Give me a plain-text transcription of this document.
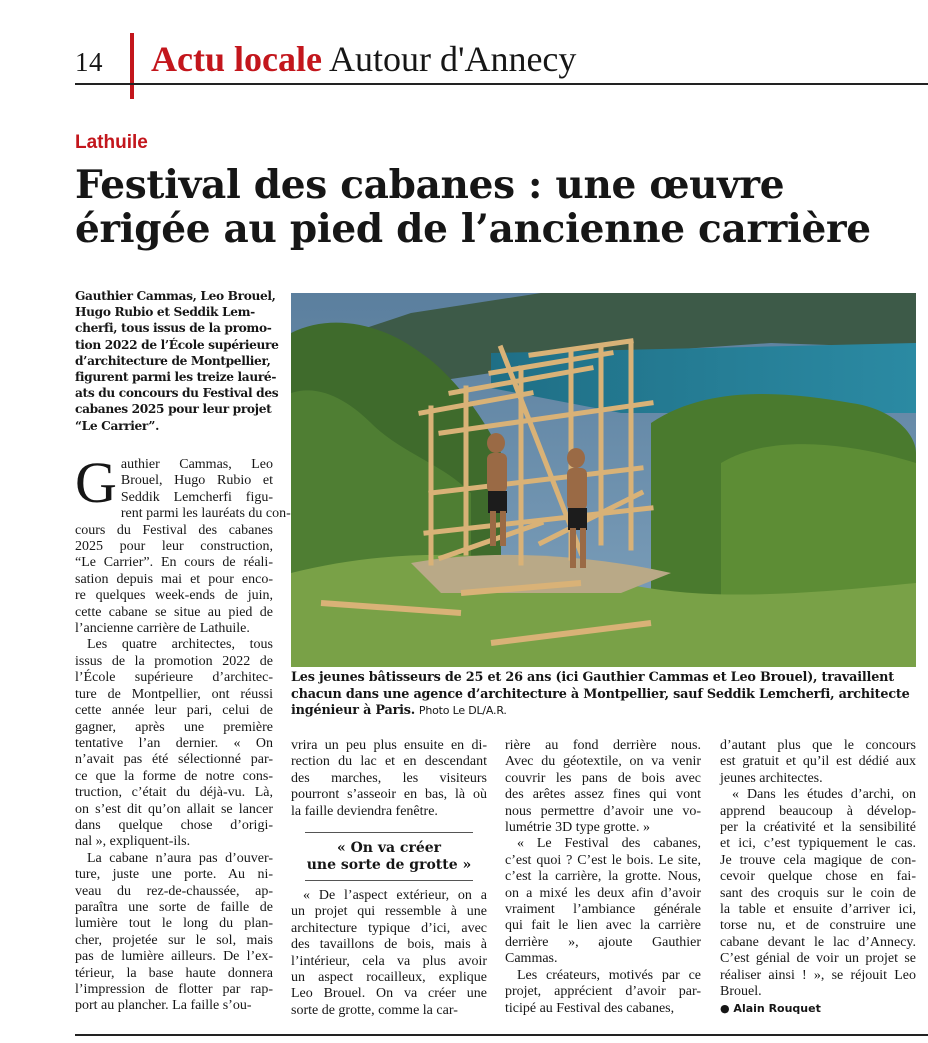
14 Actu locale Autour d'Annecy
Lathuile
Festival des cabanes : une œuvre
érigée au pied de l’ancienne carrière
Gauthier Cammas, Leo Brouel,
Hugo Rubio et Seddik Lem-
cherfi, tous issus de la promo-
tion 2022 de l’École supérieure
d’architecture de Montpellier,
figurent parmi les treize lauré-
ats du concours du Festival des
cabanes 2025 pour leur projet
“Le Carrier”.
G authier Cammas, Leo
Brouel, Hugo Rubio et
Seddik Lemcherfi figu-
rent parmi les lauréats du con-
cours du Festival des cabanes
2025 pour leur construction,
“Le Carrier”. En cours de réali-
sation depuis mai et pour enco-
re quelques week-ends de juin,
cette cabane se situe au pied de
l’ancienne carrière de Lathuile.
Les quatre architectes, tous
issus de la promotion 2022 de
l’École supérieure d’architec-
ture de Montpellier, ont réussi
cette année leur pari, celui de
gagner, après une première
tentative l’an dernier. « On
n’avait pas été sélectionné par-
ce que la forme de notre cons-
truction, c’était du déjà-vu. Là,
on s’est dit qu’on allait se lancer
dans quelque chose d’origi-
nal », expliquent-ils.
La cabane n’aura pas d’ouver-
ture, juste une porte. Au ni-
veau du rez-de-chaussée, ap-
paraîtra une sorte de faille de
lumière tout le long du plan-
cher, projetée sur le sol, mais
pas de lumière ailleurs. De l’ex-
térieur, la base haute donnera
l’impression de flotter par rap-
port au plancher. La faille s’ou-
Les jeunes bâtisseurs de 25 et 26 ans (ici Gauthier Cammas et Leo Brouel), travaillent
chacun dans une agence d’architecture à Montpellier, sauf Seddik Lemcherfi, architecte
ingénieur à Paris. Photo Le DL/A.R.
vrira un peu plus ensuite en di-
rection du lac et en descendant
des marches, les visiteurs
pourront s’asseoir en bas, là où
la faille deviendra fenêtre.
« On va créer
une sorte de grotte »
« De l’aspect extérieur, on a
un projet qui ressemble à une
architecture typique d’ici, avec
des tavaillons de bois, mais à
l’intérieur, cela va plus avoir
un aspect rocailleux, explique
Leo Brouel. On va créer une
sorte de grotte, comme la car-
rière au fond derrière nous.
Avec du géotextile, on va venir
couvrir les pans de bois avec
des arêtes assez fines qui vont
nous permettre d’avoir une vo-
lumétrie 3D type grotte. »
« Le Festival des cabanes,
c’est quoi ? C’est le bois. Le site,
c’est la carrière, la grotte. Nous,
on a mixé les deux afin d’avoir
vraiment l’ambiance générale
qui fait le lien avec la carrière
derrière », ajoute Gauthier
Cammas.
Les créateurs, motivés par ce
projet, apprécient d’avoir par-
ticipé au Festival des cabanes,
d’autant plus que le concours
est gratuit et qu’il est dédié aux
jeunes architectes.
« Dans les études d’archi, on
apprend beaucoup à dévelop-
per la créativité et la sensibilité
et ici, c’est typiquement le cas.
Je trouve cela magique de con-
cevoir quelque chose en fai-
sant des croquis sur le coin de
la table et ensuite d’arriver ici,
torse nu, et de construire une
cabane devant le lac d’Annecy.
C’est génial de voir un projet se
réaliser ainsi ! », se réjouit Leo
Brouel.
● Alain Rouquet
